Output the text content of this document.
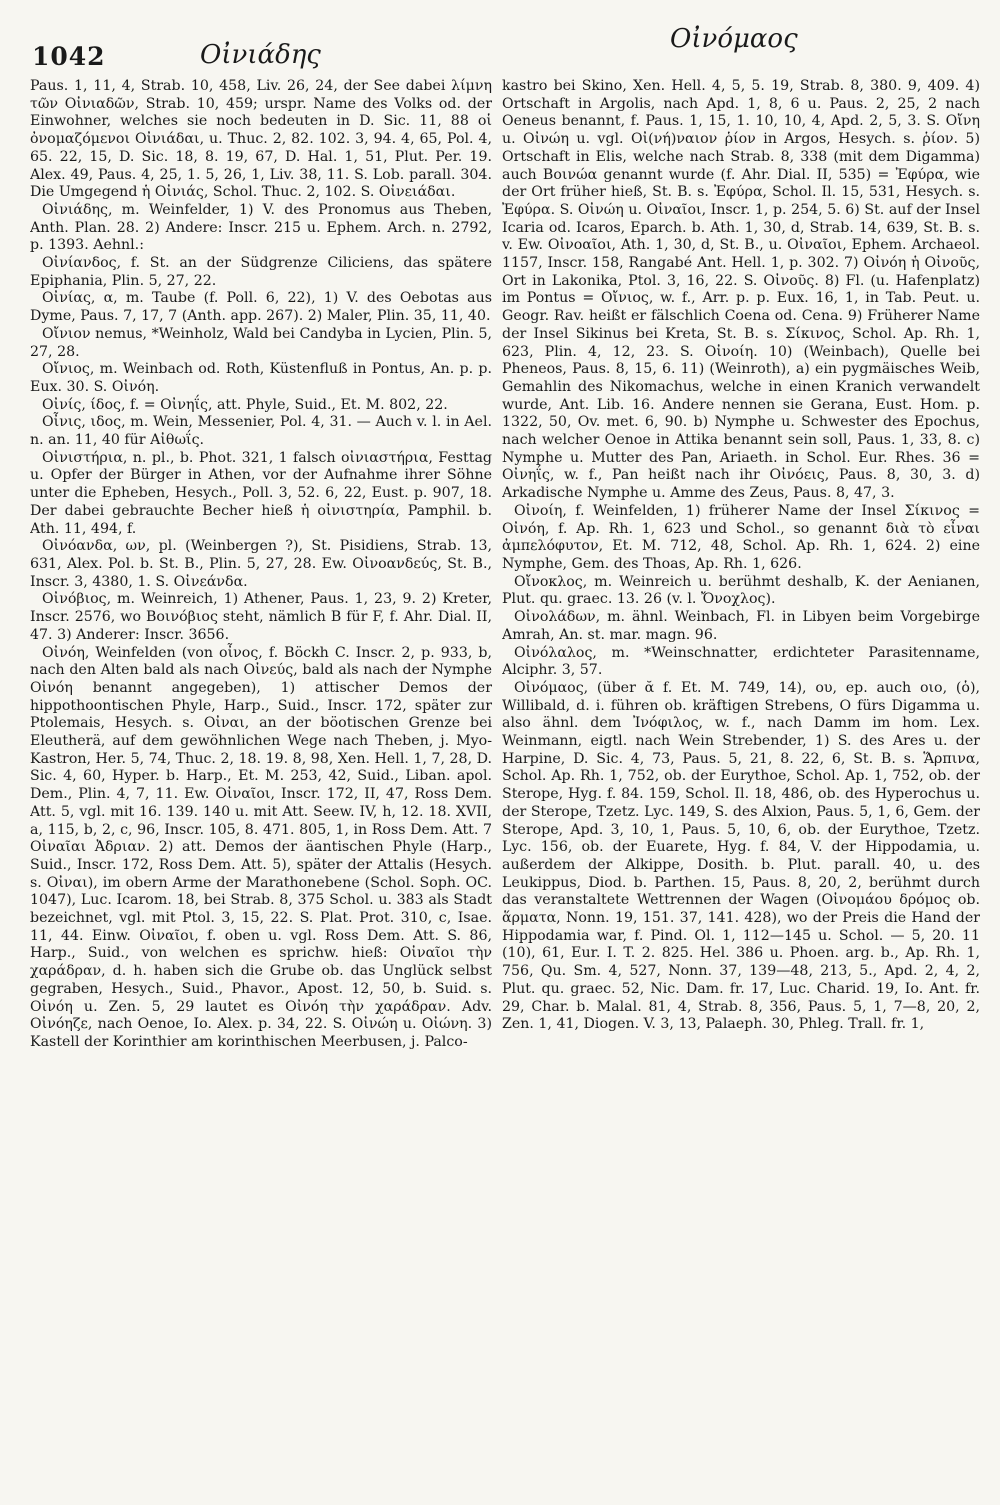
1042	Οἰνιάδης
Οἰνόμαος

Paus. 1, 11, 4, Strab. 10, 458, Liv. 26, 24, der See dabei λίμνη τῶν Οἰνιαδῶν, Strab. 10, 459; urspr. Name des Volks od. der Einwohner, welches sie noch bedeuten in D. Sic. 11, 88 οἱ ὀνομαζόμενοι Οἰνιάδαι, u. Thuc. 2, 82. 102. 3, 94. 4, 65, Pol. 4, 65. 22, 15, D. Sic. 18, 8. 19, 67, D. Hal. 1, 51, Plut. Per. 19. Alex. 49, Paus. 4, 25, 1. 5, 26, 1, Liv. 38, 11. S. Lob. parall. 304. Die Umgegend ἡ Οἰνιάς, Schol. Thuc. 2, 102. S. Οἰνειάδαι.

Οἰνιάδης, m. Weinfelder, 1) V. des Pronomus aus Theben, Anth. Plan. 28. 2) Andere: Inscr. 215 u. Ephem. Arch. n. 2792, p. 1393. Aehnl.:

Οἰνίανδος, f. St. an der Südgrenze Ciliciens, das spätere Epiphania, Plin. 5, 27, 22.

Οἰνίας, α, m. Taube (f. Poll. 6, 22), 1) V. des Oebotas aus Dyme, Paus. 7, 17, 7 (Anth. app. 267). 2) Maler, Plin. 35, 11, 40.

Οἴνιον nemus, *Weinholz, Wald bei Candyba in Lycien, Plin. 5, 27, 28.

Οἴνιος, m. Weinbach od. Roth, Küstenfluß in Pontus, An. p. p. Eux. 30. S. Οἰνόη.

Οἰνίς, ίδος, f. = Οἰνηΐς, att. Phyle, Suid., Et. M. 802, 22.

Οἶνις, ιδος, m. Wein, Messenier, Pol. 4, 31. — Auch v. l. in Ael. n. an. 11, 40 für Αἰθωΐς.

Οἰνιστήρια, n. pl., b. Phot. 321, 1 falsch οἰνιαστήρια, Festtag u. Opfer der Bürger in Athen, vor der Aufnahme ihrer Söhne unter die Epheben, Hesych., Poll. 3, 52. 6, 22, Eust. p. 907, 18. Der dabei gebrauchte Becher hieß ἡ οἰνιστηρία, Pamphil. b. Ath. 11, 494, f.

Οἰνόανδα, ων, pl. (Weinbergen ?), St. Pisidiens, Strab. 13, 631, Alex. Pol. b. St. B., Plin. 5, 27, 28. Ew. Οἰνοανδεύς, St. B., Inscr. 3, 4380, 1. S. Οἰνεάνδα.

Οἰνόβιος, m. Weinreich, 1) Athener, Paus. 1, 23, 9. 2) Kreter, Inscr. 2576, wo Βοινόβιος steht, nämlich B für F, f. Ahr. Dial. II, 47. 3) Anderer: Inscr. 3656.

Οἰνόη, Weinfelden (von οἶνος, f. Böckh C. Inscr. 2, p. 933, b, nach den Alten bald als nach Οἰνεύς, bald als nach der Nymphe Οἰνόη benannt angegeben), 1) attischer Demos der hippothoontischen Phyle, Harp., Suid., Inscr. 172, später zur Ptolemais, Hesych. s. Οἰναι, an der böotischen Grenze bei Eleutherä, auf dem gewöhnlichen Wege nach Theben, j. Myo-Kastron, Her. 5, 74, Thuc. 2, 18. 19. 8, 98, Xen. Hell. 1, 7, 28, D. Sic. 4, 60, Hyper. b. Harp., Et. M. 253, 42, Suid., Liban. apol. Dem., Plin. 4, 7, 11. Ew. Οἰναῖοι, Inscr. 172, II, 47, Ross Dem. Att. 5, vgl. mit 16. 139. 140 u. mit Att. Seew. IV, h, 12. 18. XVII, a, 115, b, 2, c, 96, Inscr. 105, 8. 471. 805, 1, in Ross Dem. Att. 7 Οἰναῖαι Ἀδριαν. 2) att. Demos der äantischen Phyle (Harp., Suid., Inscr. 172, Ross Dem. Att. 5), später der Attalis (Hesych. s. Οἰναι), im obern Arme der Marathonebene (Schol. Soph. OC. 1047), Luc. Icarom. 18, bei Strab. 8, 375 Schol. u. 383 als Stadt bezeichnet, vgl. mit Ptol. 3, 15, 22. S. Plat. Prot. 310, c, Isae. 11, 44. Einw. Οἰναῖοι, f. oben u. vgl. Ross Dem. Att. S. 86, Harp., Suid., von welchen es sprichw. hieß: Οἰναῖοι τὴν χαράδραν, d. h. haben sich die Grube ob. das Unglück selbst gegraben, Hesych., Suid., Phavor., Apost. 12, 50, b. Suid. s. Οἰνόη u. Zen. 5, 29 lautet es Οἰνόη τὴν χαράδραν. Adv. Οἰνόηζε, nach Oenoe, Io. Alex. p. 34, 22. S. Οἰνώη u. Οἰώνη. 3) Kastell der Korinthier am korinthischen Meerbusen, j. Palco-

kastro bei Skino, Xen. Hell. 4, 5, 5. 19, Strab. 8, 380. 9, 409. 4) Ortschaft in Argolis, nach Apd. 1, 8, 6 u. Paus. 2, 25, 2 nach Oeneus benannt, f. Paus. 1, 15, 1. 10, 10, 4, Apd. 2, 5, 3. S. Οἴνη u. Οἰνώη u. vgl. Οἰ(νή)ναιον ῥίον in Argos, Hesych. s. ῥίον. 5) Ortschaft in Elis, welche nach Strab. 8, 338 (mit dem Digamma) auch Βοινώα genannt wurde (f. Ahr. Dial. II, 535) = Ἐφύρα, wie der Ort früher hieß, St. B. s. Ἐφύρα, Schol. Il. 15, 531, Hesych. s. Ἐφύρα. S. Οἰνώη u. Οἰναῖοι, Inscr. 1, p. 254, 5. 6) St. auf der Insel Icaria od. Icaros, Eparch. b. Ath. 1, 30, d, Strab. 14, 639, St. B. s. v. Ew. Οἰνοαῖοι, Ath. 1, 30, d, St. B., u. Οἰναῖοι, Ephem. Archaeol. 1157, Inscr. 158, Rangabé Ant. Hell. 1, p. 302. 7) Οἰνόη ἡ Οἰνοῦς, Ort in Lakonika, Ptol. 3, 16, 22. S. Οἰνοῦς. 8) Fl. (u. Hafenplatz) im Pontus = Οἴνιος, w. f., Arr. p. p. Eux. 16, 1, in Tab. Peut. u. Geogr. Rav. heißt er fälschlich Coena od. Cena. 9) Früherer Name der Insel Sikinus bei Kreta, St. B. s. Σίκινος, Schol. Ap. Rh. 1, 623, Plin. 4, 12, 23. S. Οἰνοίη. 10) (Weinbach), Quelle bei Pheneos, Paus. 8, 15, 6. 11) (Weinroth), a) ein pygmäisches Weib, Gemahlin des Nikomachus, welche in einen Kranich verwandelt wurde, Ant. Lib. 16. Andere nennen sie Gerana, Eust. Hom. p. 1322, 50, Ov. met. 6, 90. b) Nymphe u. Schwester des Epochus, nach welcher Oenoe in Attika benannt sein soll, Paus. 1, 33, 8. c) Nymphe u. Mutter des Pan, Ariaeth. in Schol. Eur. Rhes. 36 = Οἰνηΐς, w. f., Pan heißt nach ihr Οἰνόεις, Paus. 8, 30, 3. d) Arkadische Nymphe u. Amme des Zeus, Paus. 8, 47, 3.

Οἰνοίη, f. Weinfelden, 1) früherer Name der Insel Σίκινος = Οἰνόη, f. Ap. Rh. 1, 623 und Schol., so genannt διὰ τὸ εἶναι ἀμπελόφυτον, Et. M. 712, 48, Schol. Ap. Rh. 1, 624. 2) eine Nymphe, Gem. des Thoas, Ap. Rh. 1, 626.

Οἴνοκλος, m. Weinreich u. berühmt deshalb, K. der Aenianen, Plut. qu. graec. 13. 26 (v. l. Ὄνοχλος).

Οἰνολάδων, m. ähnl. Weinbach, Fl. in Libyen beim Vorgebirge Amrah, An. st. mar. magn. 96.

Οἰνόλαλος, m. *Weinschnatter, erdichteter Parasitenname, Alciphr. 3, 57.

Οἰνόμαος, (über ᾰ f. Et. M. 749, 14), ου, ep. auch οιο, (ὁ), Willibald, d. i. führen ob. kräftigen Strebens, O fürs Digamma u. also ähnl. dem Ἰνόφιλος, w. f., nach Damm im hom. Lex. Weinmann, eigtl. nach Wein Strebender, 1) S. des Ares u. der Harpine, D. Sic. 4, 73, Paus. 5, 21, 8. 22, 6, St. B. s. Ἅρπινα, Schol. Ap. Rh. 1, 752, ob. der Eurythoe, Schol. Ap. 1, 752, ob. der Sterope, Hyg. f. 84. 159, Schol. Il. 18, 486, ob. des Hyperochus u. der Sterope, Tzetz. Lyc. 149, S. des Alxion, Paus. 5, 1, 6, Gem. der Sterope, Apd. 3, 10, 1, Paus. 5, 10, 6, ob. der Eurythoe, Tzetz. Lyc. 156, ob. der Euarete, Hyg. f. 84, V. der Hippodamia, u. außerdem der Alkippe, Dosith. b. Plut. parall. 40, u. des Leukippus, Diod. b. Parthen. 15, Paus. 8, 20, 2, berühmt durch das veranstaltete Wettrennen der Wagen (Οἰνομάου δρόμος ob. ἅρματα, Nonn. 19, 151. 37, 141. 428), wo der Preis die Hand der Hippodamia war, f. Pind. Ol. 1, 112—145 u. Schol. — 5, 20. 11 (10), 61, Eur. I. T. 2. 825. Hel. 386 u. Phoen. arg. b., Ap. Rh. 1, 756, Qu. Sm. 4, 527, Nonn. 37, 139—48, 213, 5., Apd. 2, 4, 2, Plut. qu. graec. 52, Nic. Dam. fr. 17, Luc. Charid. 19, Io. Ant. fr. 29, Char. b. Malal. 81, 4, Strab. 8, 356, Paus. 5, 1, 7—8, 20, 2, Zen. 1, 41, Diogen. V. 3, 13, Palaeph. 30, Phleg. Trall. fr. 1,
